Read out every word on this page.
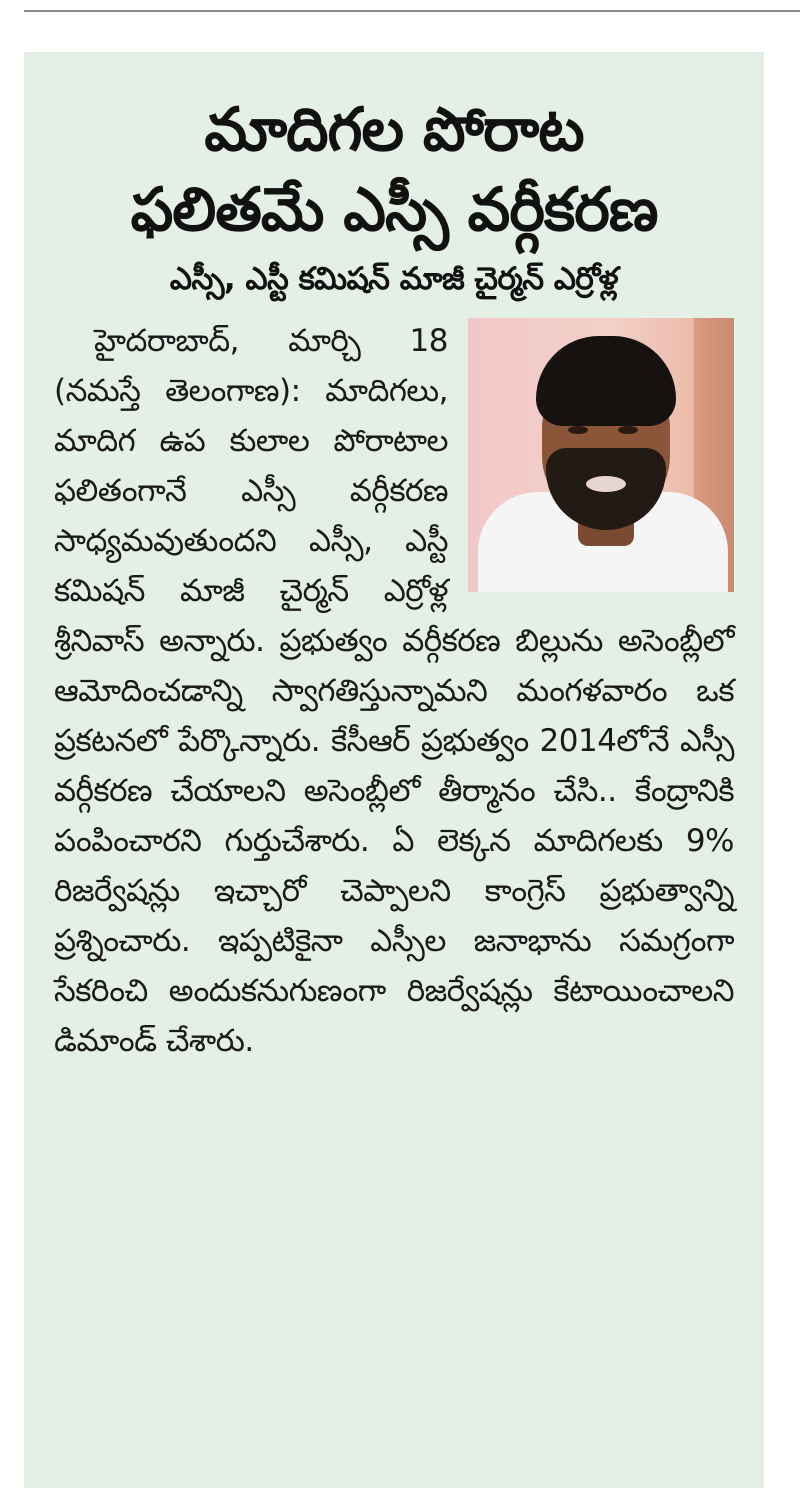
మాదిగల పోరాట
ఫలితమే ఎస్సీ వర్గీకరణ
ఎస్సీ, ఎస్టీ కమిషన్ మాజీ చైర్మన్ ఎర్రోళ్ల

హైదరాబాద్, మార్చి 18 (నమస్తే తెలంగాణ): మాదిగలు, మాదిగ ఉప కులాల పోరాటాల ఫలితంగానే ఎస్సీ వర్గీకరణ సాధ్యమవుతుందని ఎస్సీ, ఎస్టీ కమిషన్ మాజీ చైర్మన్ ఎర్రోళ్ల శ్రీనివాస్ అన్నారు. ప్రభుత్వం వర్గీకరణ బిల్లును అసెంబ్లీలో ఆమోదించడాన్ని స్వాగతిస్తున్నామని మంగళవారం ఒక ప్రకటనలో పేర్కొన్నారు. కేసీఆర్ ప్రభుత్వం 2014లోనే ఎస్సీ వర్గీకరణ చేయాలని అసెంబ్లీలో తీర్మానం చేసి.. కేంద్రానికి పంపించారని గుర్తుచేశారు. ఏ లెక్కన మాదిగలకు 9% రిజర్వేషన్లు ఇచ్చారో చెప్పాలని కాంగ్రెస్ ప్రభుత్వాన్ని ప్రశ్నించారు. ఇప్పటికైనా ఎస్సీల జనాభాను సమగ్రంగా సేకరించి అందుకనుగుణంగా రిజర్వేషన్లు కేటాయించాలని డిమాండ్ చేశారు.
